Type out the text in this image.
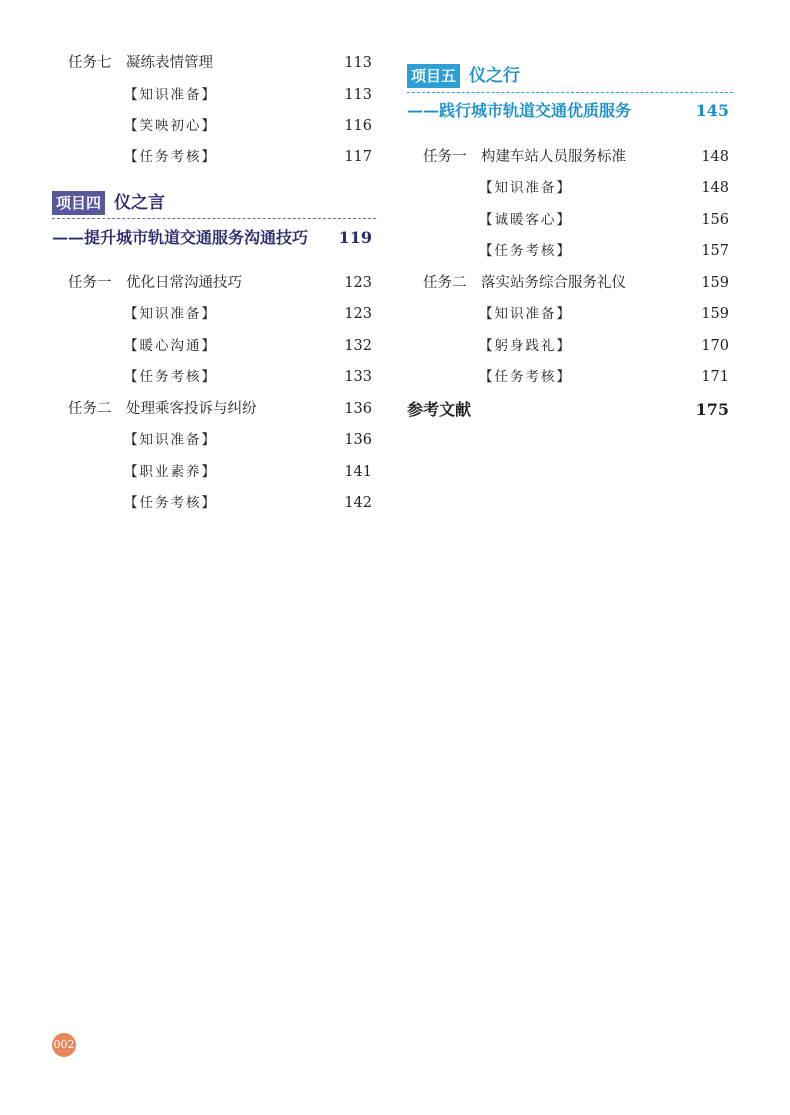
任务七 凝练表情管理	113
【知识准备】	113
【笑映初心】	116
【任务考核】	117
项目四 仪之言
——提升城市轨道交通服务沟通技巧 119
任务一 优化日常沟通技巧	123
【知识准备】	123
【暖心沟通】	132
【任务考核】	133
任务二 处理乘客投诉与纠纷	136
【知识准备】	136
【职业素养】	141
【任务考核】	142
项目五 仪之行
——践行城市轨道交通优质服务	145
任务一 构建车站人员服务标准	148
【知识准备】	148
【诚暖客心】	156
【任务考核】	157
任务二 落实站务综合服务礼仪	159
【知识准备】	159
【躬身践礼】	170
【任务考核】	171
参考文献	175
002
